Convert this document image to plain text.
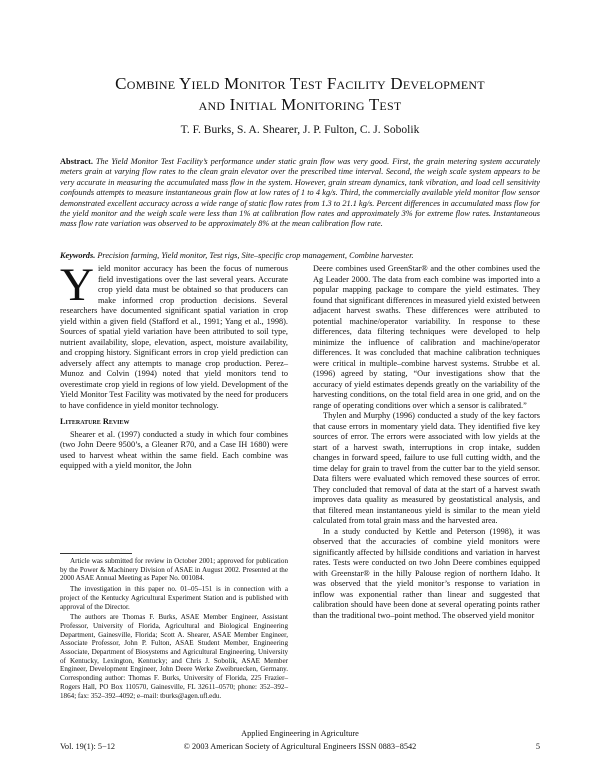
Combine Yield Monitor Test Facility Development
and Initial Monitoring Test
T. F. Burks, S. A. Shearer, J. P. Fulton, C. J. Sobolik
Abstract. The Yield Monitor Test Facility’s performance under static grain flow was very good. First, the grain metering system accurately meters grain at varying flow rates to the clean grain elevator over the prescribed time interval. Second, the weigh scale system appears to be very accurate in measuring the accumulated mass flow in the system. However, grain stream dynamics, tank vibration, and load cell sensitivity confounds attempts to measure instantaneous grain flow at low rates of 1 to 4 kg/s. Third, the commercially available yield monitor flow sensor demonstrated excellent accuracy across a wide range of static flow rates from 1.3 to 21.1 kg/s. Percent differences in accumulated mass flow for the yield monitor and the weigh scale were less than 1% at calibration flow rates and approximately 3% for extreme flow rates. Instantaneous mass flow rate variation was observed to be approximately 8% at the mean calibration flow rate.
Keywords. Precision farming, Yield monitor, Test rigs, Site–specific crop management, Combine harvester.

Yield monitor accuracy has been the focus of numerous field investigations over the last several years. Accurate crop yield data must be obtained so that producers can make informed crop production decisions. Several researchers have documented significant spatial variation in crop yield within a given field (Stafford et al., 1991; Yang et al., 1998). Sources of spatial yield variation have been attributed to soil type, nutrient availability, slope, elevation, aspect, moisture availability, and cropping history. Significant errors in crop yield prediction can adversely affect any attempts to manage crop production. Perez–Munoz and Colvin (1994) noted that yield monitors tend to overestimate crop yield in regions of low yield. Development of the Yield Monitor Test Facility was motivated by the need for producers to have confidence in yield monitor technology.

Literature Review

Shearer et al. (1997) conducted a study in which four combines (two John Deere 9500’s, a Gleaner R70, and a Case IH 1680) were used to harvest wheat within the same field. Each combine was equipped with a yield monitor, the John

Deere combines used GreenStar® and the other combines used the Ag Leader 2000. The data from each combine was imported into a popular mapping package to compare the yield estimates. They found that significant differences in measured yield existed between adjacent harvest swaths. These differences were attributed to potential machine/operator variability. In response to these differences, data filtering techniques were developed to help minimize the influence of calibration and machine/operator differences. It was concluded that machine calibration techniques were critical in multiple–combine harvest systems. Strubbe et al. (1996) agreed by stating, “Our investigations show that the accuracy of yield estimates depends greatly on the variability of the harvesting conditions, on the total field area in one grid, and on the range of operating conditions over which a sensor is calibrated.”

Thylen and Murphy (1996) conducted a study of the key factors that cause errors in momentary yield data. They identified five key sources of error. The errors were associated with low yields at the start of a harvest swath, interruptions in crop intake, sudden changes in forward speed, failure to use full cutting width, and the time delay for grain to travel from the cutter bar to the yield sensor. Data filters were evaluated which removed these sources of error. They concluded that removal of data at the start of a harvest swath improves data quality as measured by geostatistical analysis, and that filtered mean instantaneous yield is similar to the mean yield calculated from total grain mass and the harvested area.

In a study conducted by Kettle and Peterson (1998), it was observed that the accuracies of combine yield monitors were significantly affected by hillside conditions and variation in harvest rates. Tests were conducted on two John Deere combines equipped with Greenstar® in the hilly Palouse region of northern Idaho. It was observed that the yield monitor’s response to variation in inflow was exponential rather than linear and suggested that calibration should have been done at several operating points rather than the traditional two–point method. The observed yield monitor

Article was submitted for review in October 2001; approved for publication by the Power & Machinery Division of ASAE in August 2002. Presented at the 2000 ASAE Annual Meeting as Paper No. 001084.

The investigation in this paper no. 01–05–151 is in connection with a project of the Kentucky Agricultural Experiment Station and is published with approval of the Director.

The authors are Thomas F. Burks, ASAE Member Engineer, Assistant Professor, University of Florida, Agricultural and Biological Engineering Department, Gainesville, Florida; Scott A. Shearer, ASAE Member Engineer, Associate Professor, John P. Fulton, ASAE Student Member, Engineering Associate, Department of Biosystems and Agricultural Engineering, University of Kentucky, Lexington, Kentucky; and Chris J. Sobolik, ASAE Member Engineer, Development Engineer, John Deere Werke Zweibruecken, Germany. Corresponding author: Thomas F. Burks, University of Florida, 225 Frazier–Rogers Hall, PO Box 110570, Gainesville, FL 32611–0570; phone: 352–392–1864; fax: 352–392–4092; e–mail: tburks@agen.ufl.edu.

Applied Engineering in Agriculture
Vol. 19(1): 5−12	© 2003 American Society of Agricultural Engineers ISSN 0883−8542	5
